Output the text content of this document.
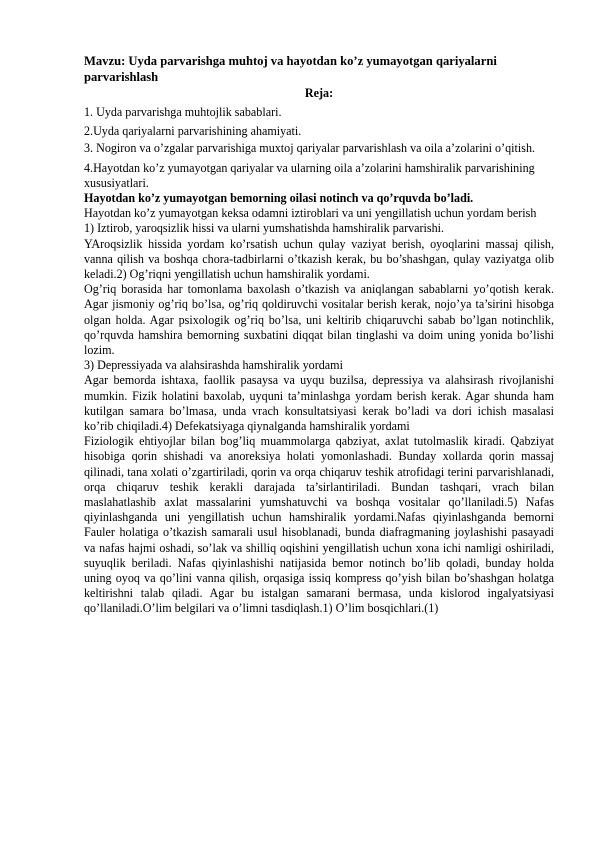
Mavzu: Uyda parvarishga muhtoj va hayotdan ko’z yumayotgan qariyalarni parvarishlash

Reja:

1. Uyda parvarishga muhtojlik sabablari.
2.Uyda qariyalarni parvarishining ahamiyati.
3. Nogiron va o’zgalar parvarishiga muxtoj qariyalar parvarishlash va oila a’zolarini o’qitish.
4.Hayotdan ko’z yumayotgan qariyalar va ularning oila a’zolarini hamshiralik parvarishining xususiyatlari.

Hayotdan ko’z yumayotgan bemorning oilasi notinch va qo’rquvda bo’ladi.

Hayotdan ko’z yumayotgan keksa odamni iztiroblari va uni yengillatish uchun yordam berish

1) Iztirob, yaroqsizlik hissi va ularni yumshatishda hamshiralik parvarishi.

YAroqsizlik hissida yordam ko’rsatish uchun qulay vaziyat berish, oyoqlarini massaj qilish, vanna qilish va boshqa chora-tadbirlarni o’tkazish kerak, bu bo’shashgan, qulay vaziyatga olib keladi.2) Og’riqni yengillatish uchun hamshiralik yordami.

Og’riq borasida har tomonlama baxolash o’tkazish va aniqlangan sabablarni yo’qotish kerak. Agar jismoniy og’riq bo’lsa, og’riq qoldiruvchi vositalar berish kerak, nojo’ya ta’sirini hisobga olgan holda. Agar psixologik og’riq bo’lsa, uni keltirib chiqaruvchi sabab bo’lgan notinchlik, qo’rquvda hamshira bemorning suxbatini diqqat bilan tinglashi va doim uning yonida bo’lishi lozim.

3) Depressiyada va alahsirashda hamshiralik yordami

Agar bemorda ishtaxa, faollik pasaysa va uyqu buzilsa, depressiya va alahsirash rivojlanishi mumkin. Fizik holatini baxolab, uyquni ta’minlashga yordam berish kerak. Agar shunda ham kutilgan samara bo’lmasa, unda vrach konsultatsiyasi kerak bo’ladi va dori ichish masalasi ko’rib chiqiladi.4) Defekatsiyaga qiynalganda hamshiralik yordami

Fiziologik ehtiyojlar bilan bog’liq muammolarga qabziyat, axlat tutolmaslik kiradi. Qabziyat hisobiga qorin shishadi va anoreksiya holati yomonlashadi. Bunday xollarda qorin massaj qilinadi, tana xolati o’zgartiriladi, qorin va orqa chiqaruv teshik atrofidagi terini parvarishlanadi, orqa chiqaruv teshik kerakli darajada ta’sirlantiriladi. Bundan tashqari, vrach bilan maslahatlashib axlat massalarini yumshatuvchi va boshqa vositalar qo’llaniladi.5) Nafas qiyinlashganda uni yengillatish uchun hamshiralik yordami.Nafas qiyinlashganda bemorni Fauler holatiga o’tkazish samarali usul hisoblanadi, bunda diafragmaning joylashishi pasayadi va nafas hajmi oshadi, so’lak va shilliq oqishini yengillatish uchun xona ichi namligi oshiriladi, suyuqlik beriladi. Nafas qiyinlashishi natijasida bemor notinch bo’lib qoladi, bunday holda uning oyoq va qo’lini vanna qilish, orqasiga issiq kompress qo’yish bilan bo’shashgan holatga keltirishni talab qiladi. Agar bu istalgan samarani bermasa, unda kislorod ingalyatsiyasi qo’llaniladi.O’lim belgilari va o’limni tasdiqlash.1) O’lim bosqichlari.(1)
